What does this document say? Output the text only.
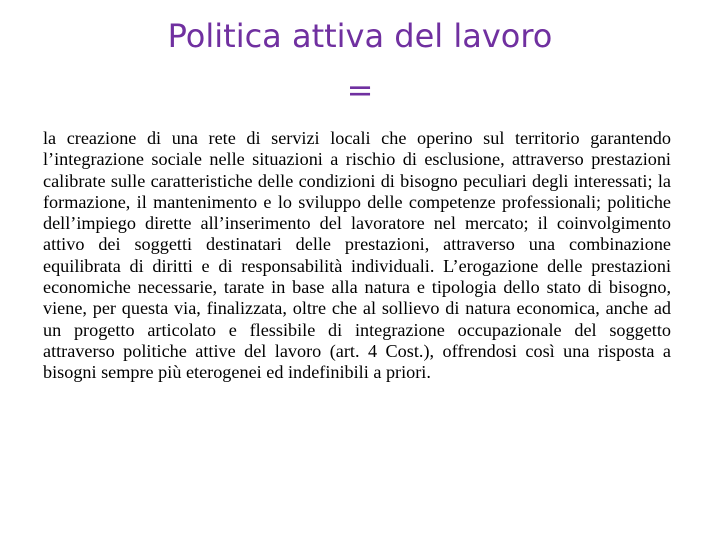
Politica attiva del lavoro
=

la creazione di una rete di servizi locali che operino sul territorio garantendo l’integrazione sociale nelle situazioni a rischio di esclusione, attraverso prestazioni calibrate sulle caratteristiche delle condizioni di bisogno peculiari degli interessati; la formazione, il mantenimento e lo sviluppo delle competenze professionali; politiche dell’impiego dirette all’inserimento del lavoratore nel mercato; il coinvolgimento attivo dei soggetti destinatari delle prestazioni, attraverso una combinazione equilibrata di diritti e di responsabilità individuali. L’erogazione delle prestazioni economiche necessarie, tarate in base alla natura e tipologia dello stato di bisogno, viene, per questa via, finalizzata, oltre che al sollievo di natura economica, anche ad un progetto articolato e flessibile di integrazione occupazionale del soggetto attraverso politiche attive del lavoro (art. 4 Cost.), offrendosi così una risposta a bisogni sempre più eterogenei ed indefinibili a priori.
